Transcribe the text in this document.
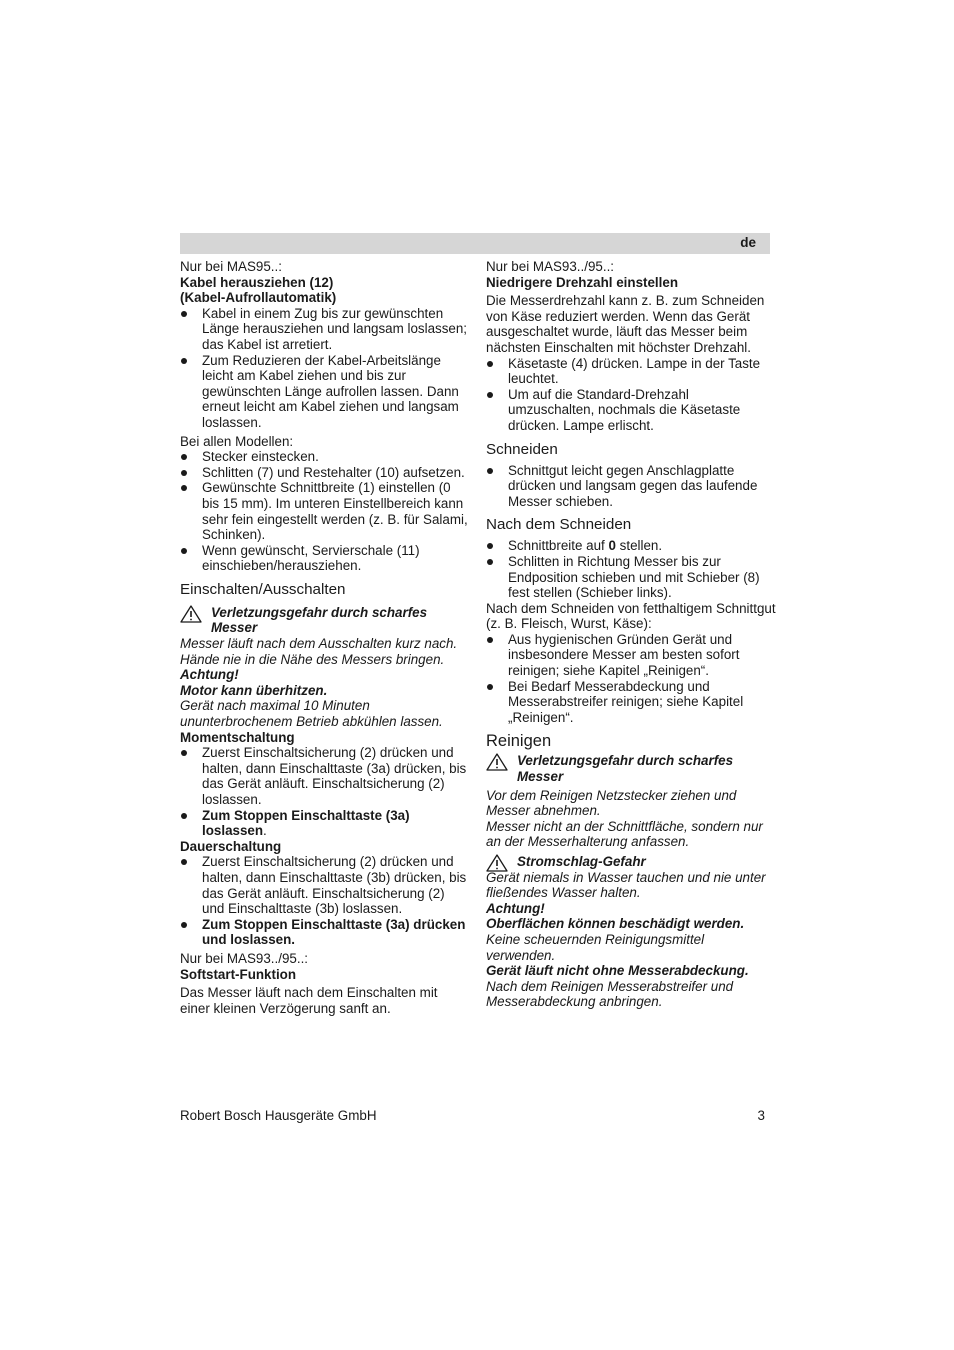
de

Nur bei MAS95..:

Kabel herausziehen (12)

(Kabel-Aufrollautomatik)

Kabel in einem Zug bis zur gewünschten Länge herausziehen und langsam loslassen; das Kabel ist arretiert.
Zum Reduzieren der Kabel-Arbeitslänge leicht am Kabel ziehen und bis zur gewünschten Länge aufrollen lassen. Dann erneut leicht am Kabel ziehen und langsam loslassen.

Bei allen Modellen:

Stecker einstecken.
Schlitten (7) und Restehalter (10) aufsetzen.
Gewünschte Schnittbreite (1) einstellen (0 bis 15 mm). Im unteren Einstellbereich kann sehr fein eingestellt werden (z. B. für Salami, Schinken).
Wenn gewünscht, Servierschale (11) einschieben/herausziehen.

Einschalten/Ausschalten

Verletzungsgefahr durch scharfes Messer

Messer läuft nach dem Ausschalten kurz nach. Hände nie in die Nähe des Messers bringen.

Achtung!

Motor kann überhitzen.

Gerät nach maximal 10 Minuten ununterbrochenem Betrieb abkühlen lassen.

Momentschaltung

Zuerst Einschaltsicherung (2) drücken und halten, dann Einschalttaste (3a) drücken, bis das Gerät anläuft. Einschaltsicherung (2) loslassen.
Zum Stoppen Einschalttaste (3a) loslassen.

Dauerschaltung

Zuerst Einschaltsicherung (2) drücken und halten, dann Einschalttaste (3b) drücken, bis das Gerät anläuft. Einschaltsicherung (2) und Einschalttaste (3b) loslassen.
Zum Stoppen Einschalttaste (3a) drücken und loslassen.

Nur bei MAS93../95..:

Softstart-Funktion

Das Messer läuft nach dem Einschalten mit einer kleinen Verzögerung sanft an.

Nur bei MAS93../95..:

Niedrigere Drehzahl einstellen

Die Messerdrehzahl kann z. B. zum Schneiden von Käse reduziert werden. Wenn das Gerät ausgeschaltet wurde, läuft das Messer beim nächsten Einschalten mit höchster Drehzahl.

Käsetaste (4) drücken. Lampe in der Taste leuchtet.
Um auf die Standard-Drehzahl umzuschalten, nochmals die Käsetaste drücken. Lampe erlischt.

Schneiden

Schnittgut leicht gegen Anschlagplatte drücken und langsam gegen das laufende Messer schieben.

Nach dem Schneiden

Schnittbreite auf 0 stellen.
Schlitten in Richtung Messer bis zur Endposition schieben und mit Schieber (8) fest stellen (Schieber links).

Nach dem Schneiden von fetthaltigem Schnittgut (z. B. Fleisch, Wurst, Käse):

Aus hygienischen Gründen Gerät und insbesondere Messer am besten sofort reinigen; siehe Kapitel „Reinigen“.
Bei Bedarf Messerabdeckung und Messerabstreifer reinigen; siehe Kapitel „Reinigen“.

Reinigen

Verletzungsgefahr durch scharfes Messer

Vor dem Reinigen Netzstecker ziehen und Messer abnehmen.

Messer nicht an der Schnittfläche, sondern nur an der Messerhalterung anfassen.

Stromschlag-Gefahr

Gerät niemals in Wasser tauchen und nie unter fließendes Wasser halten.

Achtung!

Oberflächen können beschädigt werden.

Keine scheuernden Reinigungsmittel verwenden.

Gerät läuft nicht ohne Messerabdeckung.

Nach dem Reinigen Messerabstreifer und Messerabdeckung anbringen.

Robert Bosch Hausgeräte GmbH	3
